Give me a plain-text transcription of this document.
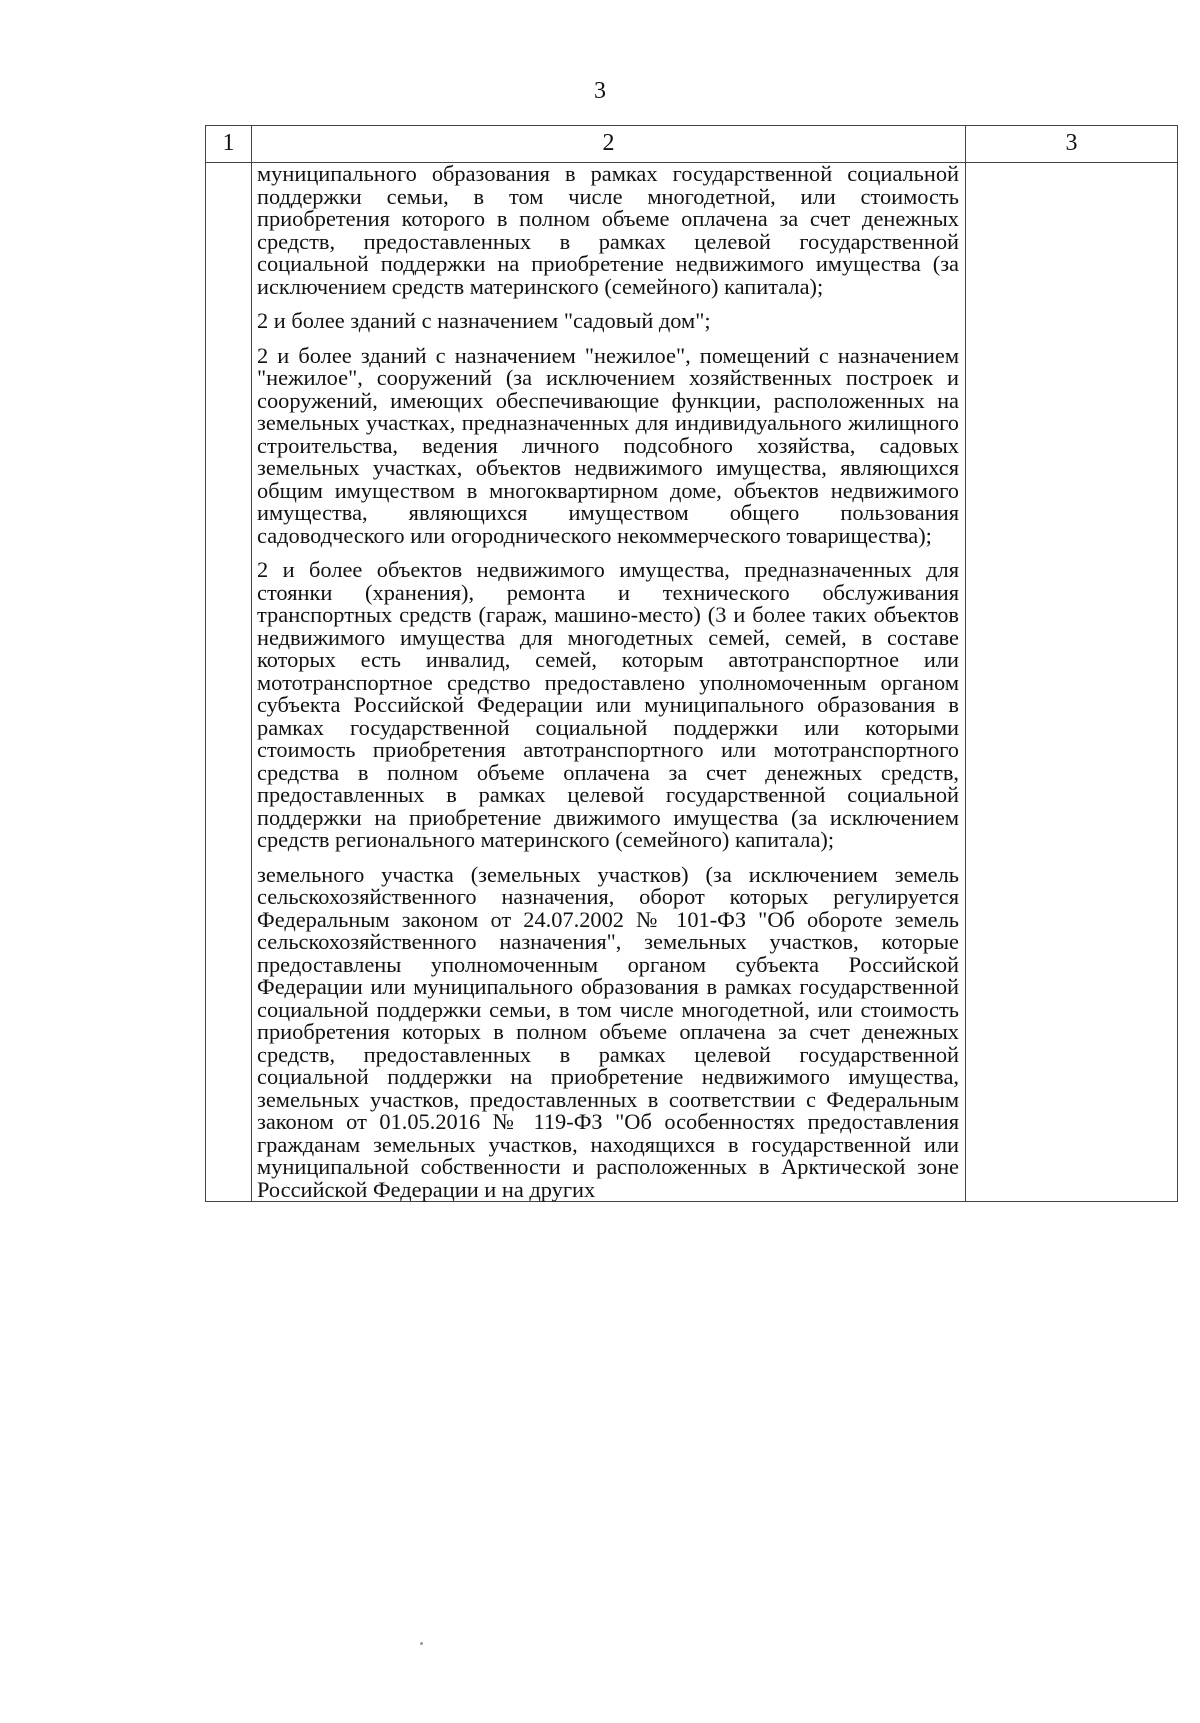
3
1	2	3

	муниципального образования в рамках государственной социальной поддержки семьи, в том числе многодетной, или стоимость приобретения которого в полном объеме оплачена за счет денежных средств, предоставленных в рамках целевой государственной социальной поддержки на приобретение недвижимого имущества (за исключением средств материнского (семейного) капитала);

2 и более зданий с назначением "садовый дом";

2 и более зданий с назначением "нежилое", помещений с назначением "нежилое", сооружений (за исключением хозяйственных построек и сооружений, имеющих обеспечивающие функции, расположенных на земельных участках, предназначенных для индивидуального жилищного строительства, ведения личного подсобного хозяйства, садовых земельных участках, объектов недвижимого имущества, являющихся общим имуществом в многоквартирном доме, объектов недвижимого имущества, являющихся имуществом общего пользования садоводческого или огороднического некоммерческого товарищества);

2 и более объектов недвижимого имущества, предназначенных для стоянки (хранения), ремонта и технического обслуживания транспортных средств (гараж, машино-место) (3 и более таких объектов недвижимого имущества для многодетных семей, семей, в составе которых есть инвалид, семей, которым автотранспортное или мототранспортное средство предоставлено уполномоченным органом субъекта Российской Федерации или муниципального образования в рамках государственной социальной поддержки или которыми стоимость приобретения автотранспортного или мототранспортного средства в полном объеме оплачена за счет денежных средств, предоставленных в рамках целевой государственной социальной поддержки на приобретение движимого имущества (за исключением средств регионального материнского (семейного) капитала);

земельного участка (земельных участков) (за исключением земель сельскохозяйственного назначения, оборот которых регулируется Федеральным законом от 24.07.2002 № 101-ФЗ "Об обороте земель сельскохозяйственного назначения", земельных участков, которые предоставлены уполномоченным органом субъекта Российской Федерации или муниципального образования в рамках государственной социальной поддержки семьи, в том числе многодетной, или стоимость приобретения которых в полном объеме оплачена за счет денежных средств, предоставленных в рамках целевой государственной социальной поддержки на приобретение недвижимого имущества, земельных участков, предоставленных в соответствии с Федеральным законом от 01.05.2016 № 119-ФЗ "Об особенностях предоставления гражданам земельных участков, находящихся в государственной или муниципальной собственности и расположенных в Арктической зоне Российской Федерации и на других	
